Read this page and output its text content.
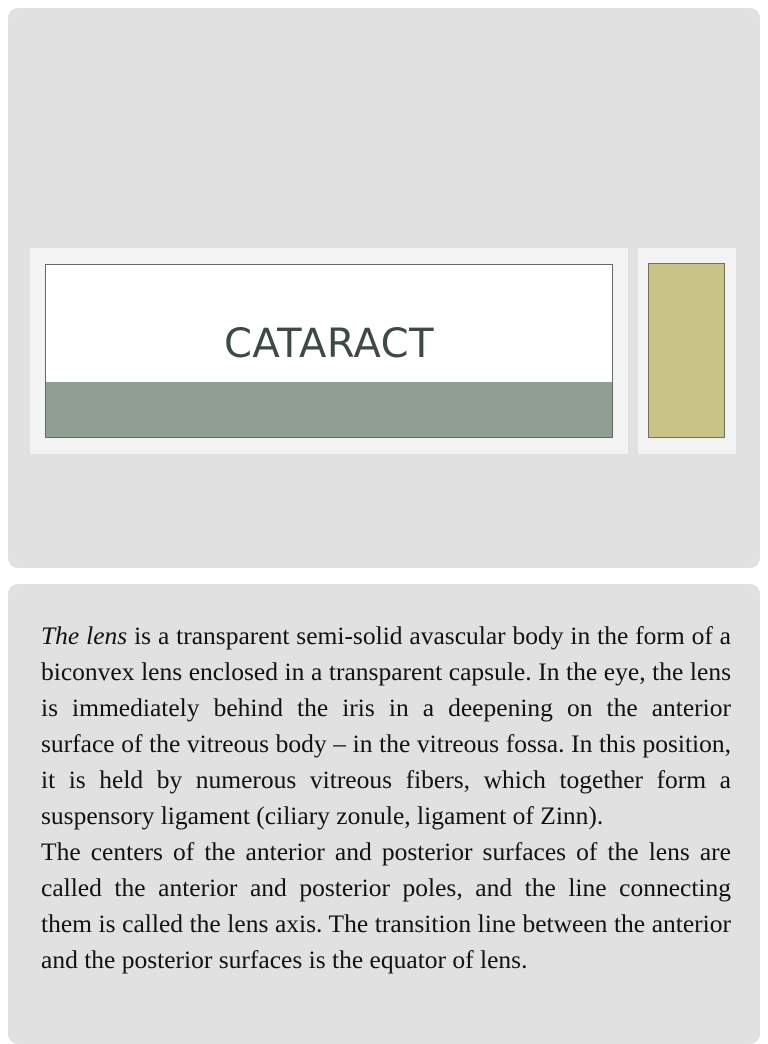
CATARACT

The lens is a transparent semi-solid avascular body in the form of a biconvex lens enclosed in a transparent capsule. In the eye, the lens is immediately behind the iris in a deepening on the anterior surface of the vitreous body – in the vitreous fossa. In this position, it is held by numerous vitreous fibers, which together form a suspensory ligament (ciliary zonule, ligament of Zinn).

The centers of the anterior and posterior surfaces of the lens are called the anterior and posterior poles, and the line connecting them is called the lens axis. The transition line between the anterior and the posterior surfaces is the equator of lens.
